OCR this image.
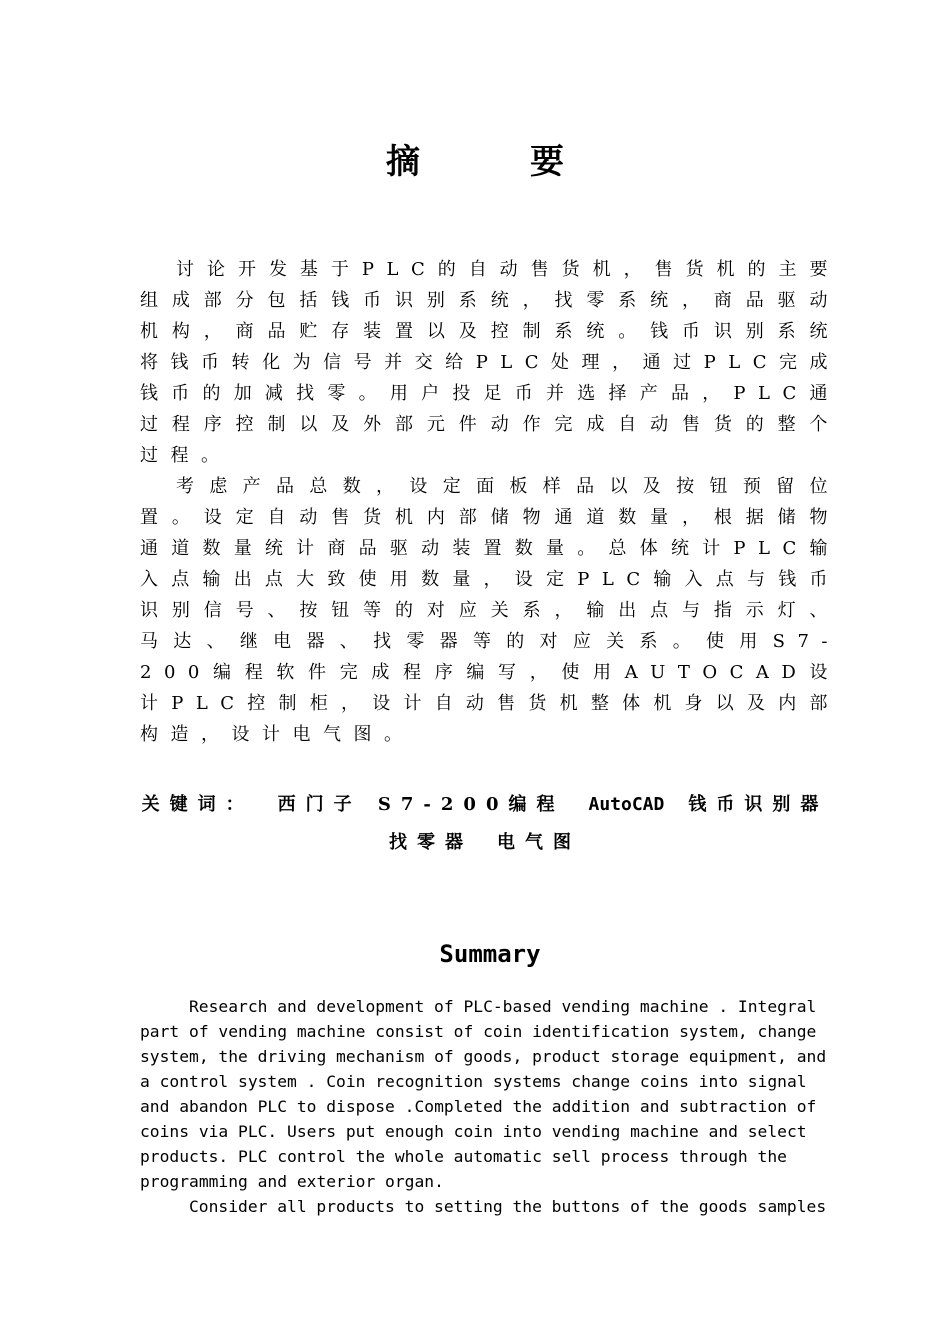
摘	要

讨论开发基于PLC的自动售货机，售货机的主要组成部分包括钱币识别系统，找零系统，商品驱动机构，商品贮存装置以及控制系统。钱币识别系统将钱币转化为信号并交给PLC处理，通过PLC完成钱币的加减找零。用户投足币并选择产品，PLC通过程序控制以及外部元件动作完成自动售货的整个过程。

考虑产品总数，设定面板样品以及按钮预留位置。设定自动售货机内部储物通道数量，根据储物通道数量统计商品驱动装置数量。总体统计PLC输入点输出点大致使用数量，设定PLC输入点与钱币识别信号、按钮等的对应关系，输出点与指示灯、马达、继电器、找零器等的对应关系。使用S7-200编程软件完成程序编写，使用AUTOCAD设计PLC控制柜，设计自动售货机整体机身以及内部构造，设计电气图。

关键词： 西门子 S7-200编程 AutoCAD 钱币识别器
找零器 电气图
Summary

Research and development of PLC-based vending machine . Integral part of vending machine consist of coin identification system, change system, the driving mechanism of goods, product storage equipment, and a control system . Coin recognition systems change coins into signal and abandon PLC to dispose .Completed the addition and subtraction of coins via PLC. Users put enough coin into vending machine and select products. PLC control the whole automatic sell process through the programming and exterior organ.

Consider all products to setting the buttons of the goods samples
